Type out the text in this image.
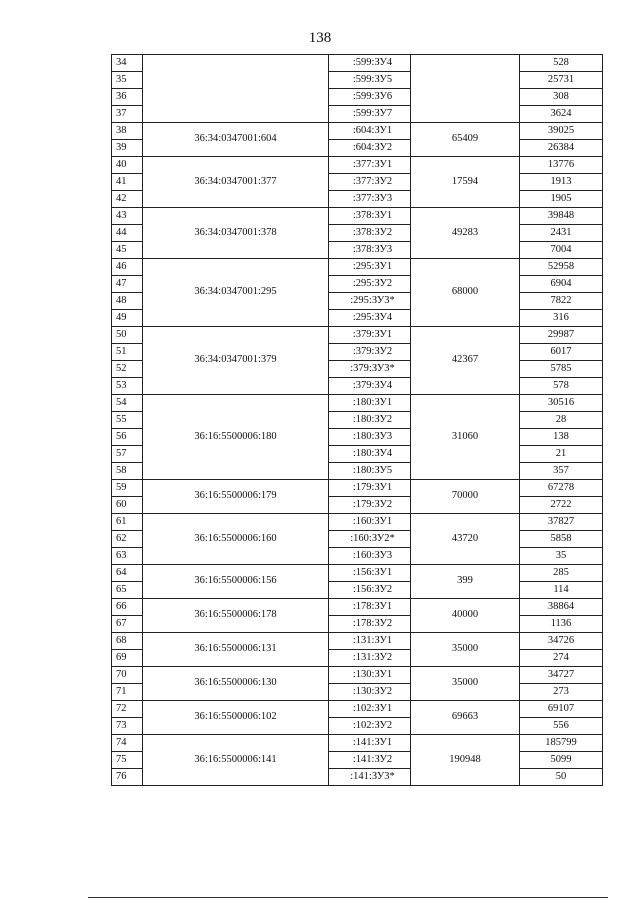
138
34		:599:ЗУ4		528
35		:599:ЗУ5		25731
36		:599:ЗУ6		308
37		:599:ЗУ7		3624
38	36:34:0347001:604	:604:ЗУ1	65409	39025
39		:604:ЗУ2		26384
40	36:34:0347001:377	:377:ЗУ1	17594	13776
41		:377:ЗУ2		1913
42		:377:ЗУ3		1905
43	36:34:0347001:378	:378:ЗУ1	49283	39848
44		:378:ЗУ2		2431
45		:378:ЗУ3		7004
46	36:34:0347001:295	:295:ЗУ1	68000	52958
47		:295:ЗУ2		6904
48		:295:ЗУ3*		7822
49		:295:ЗУ4		316
50	36:34:0347001:379	:379:ЗУ1	42367	29987
51		:379:ЗУ2		6017
52		:379:ЗУ3*		5785
53		:379:ЗУ4		578
54	36:16:5500006:180	:180:ЗУ1	31060	30516
55		:180:ЗУ2		28
56		:180:ЗУ3		138
57		:180:ЗУ4		21
58		:180:ЗУ5		357
59	36:16:5500006:179	:179:ЗУ1	70000	67278
60		:179:ЗУ2		2722
61	36:16:5500006:160	:160:ЗУ1	43720	37827
62		:160:ЗУ2*		5858
63		:160:ЗУ3		35
64	36:16:5500006:156	:156:ЗУ1	399	285
65		:156:ЗУ2		114
66	36:16:5500006:178	:178:ЗУ1	40000	38864
67		:178:ЗУ2		1136
68	36:16:5500006:131	:131:ЗУ1	35000	34726
69		:131:ЗУ2		274
70	36:16:5500006:130	:130:ЗУ1	35000	34727
71		:130:ЗУ2		273
72	36:16:5500006:102	:102:ЗУ1	69663	69107
73		:102:ЗУ2		556
74	36:16:5500006:141	:141:ЗУ1	190948	185799
75		:141:ЗУ2		5099
76		:141:ЗУ3*		50
